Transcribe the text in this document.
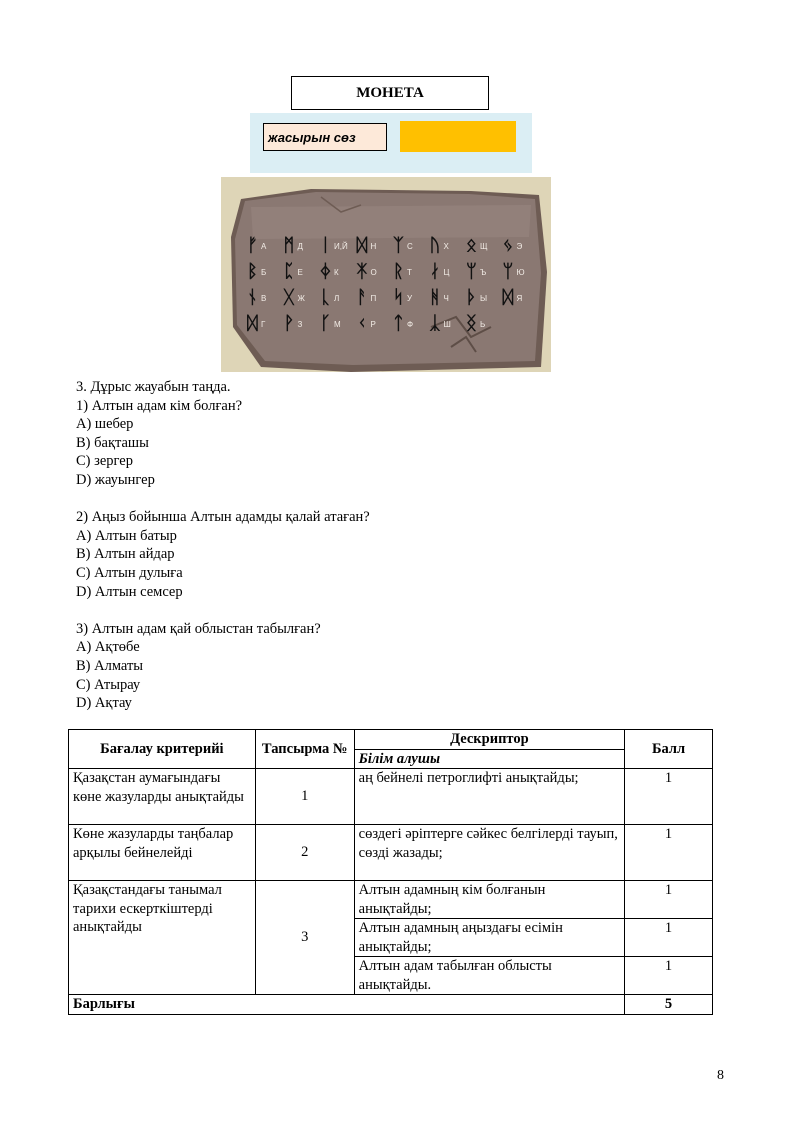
МОНЕТА
жасырын сөз
ᚠ А ᛗ Д ᛁ И,Й ᛞ Н ᛉ С ᚢ Х ᛟ Щ ᛃ Э
ᛒ Б ᛈ Е ᛄ К ᛡ О ᚱ Т ᛅ Ц ᛘ Ъ ᛘ Ю
ᚾ В ᚷ Ж ᚳ Л ᚨ П ᛋ У ᚻ Ч ᚦ Ы ᛞ Я
ᛞ Г ᚹ З ᚴ М ᚲ Р ᛏ Ф ᛣ Ш ᛝ Ь
3. Дұрыс жауабын таңда.
1) Алтын адам кім болған?
A) шебер
B) бақташы
C) зергер
D) жауынгер
2) Аңыз бойынша Алтын адамды қалай атаған?
A) Алтын батыр
B) Алтын айдар
C) Алтын дулыға
D) Алтын семсер
3) Алтын адам қай облыстан табылған?
A) Ақтөбе
B) Алматы
C) Атырау
D) Ақтау
Бағалау критерийі	Тапсырма №	Дескриптор	Балл
		Білім алушы	
Қазақстан аумағындағы көне жазуларды анықтайды	1	аң бейнелі петроглифті анықтайды;	1
Көне жазуларды таңбалар арқылы бейнелейді	2	сөздегі әріптерге сәйкес белгілерді тауып, сөзді жазады;	1
Қазақстандағы танымал тарихи ескерткіштерді анықтайды	3	Алтын адамның кім болғанын анықтайды;	1
		Алтын адамның аңыздағы есімін анықтайды;	1
		Алтын адам табылған облысты анықтайды.	1
Барлығы			5
8
